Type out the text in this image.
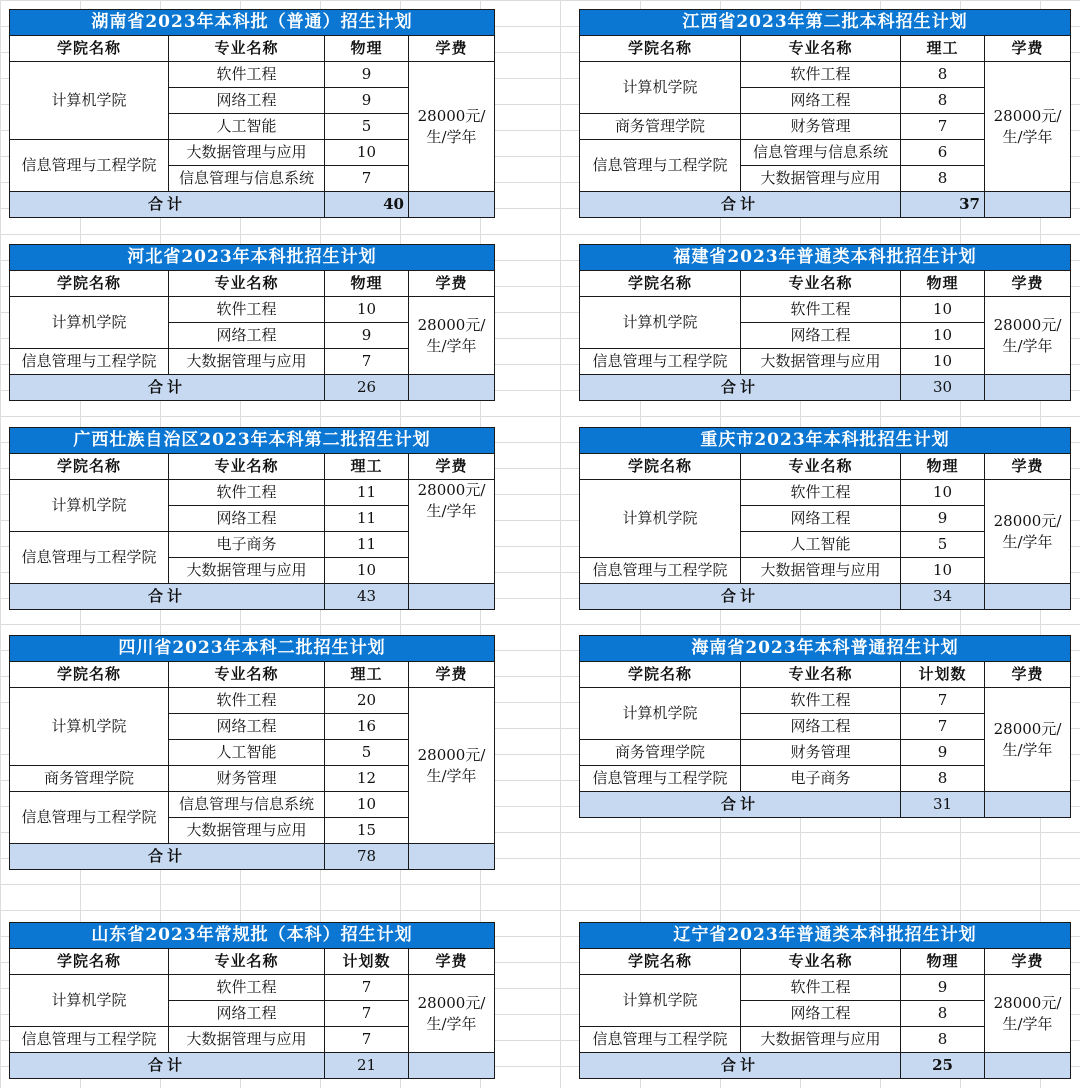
湖南省2023年本科批（普通）招生计划			
学院名称	专业名称	物理	学费
计算机学院	软件工程	9	28000元/
生/学年

	网络工程	9	
	人工智能	5	
信息管理与工程学院	大数据管理与应用	10	
	信息管理与信息系统	7	
合计		40	
江西省2023年第二批本科招生计划			
学院名称	专业名称	理工	学费
计算机学院	软件工程	8	28000元/
生/学年

	网络工程	8	
商务管理学院	财务管理	7	
信息管理与工程学院	信息管理与信息系统	6	
	大数据管理与应用	8	
合计		37	
河北省2023年本科批招生计划			
学院名称	专业名称	物理	学费
计算机学院	软件工程	10	28000元/
生/学年

	网络工程	9	
信息管理与工程学院	大数据管理与应用	7	
合计		26	
福建省2023年普通类本科批招生计划			
学院名称	专业名称	物理	学费
计算机学院	软件工程	10	28000元/
生/学年

	网络工程	10	
信息管理与工程学院	大数据管理与应用	10	
合计		30	
广西壮族自治区2023年本科第二批招生计划			
学院名称	专业名称	理工	学费
计算机学院	软件工程	11	28000元/
生/学年

	网络工程	11	
信息管理与工程学院	电子商务	11	
	大数据管理与应用	10	
合计		43	
重庆市2023年本科批招生计划			
学院名称	专业名称	物理	学费
计算机学院	软件工程	10	28000元/
生/学年

	网络工程	9	
	人工智能	5	
信息管理与工程学院	大数据管理与应用	10	
合计		34	
四川省2023年本科二批招生计划			
学院名称	专业名称	理工	学费
计算机学院	软件工程	20	28000元/
生/学年

	网络工程	16	
	人工智能	5	
商务管理学院	财务管理	12	
信息管理与工程学院	信息管理与信息系统	10	
	大数据管理与应用	15	
合计		78	
海南省2023年本科普通招生计划			
学院名称	专业名称	计划数	学费
计算机学院	软件工程	7	28000元/
生/学年

	网络工程	7	
商务管理学院	财务管理	9	
信息管理与工程学院	电子商务	8	
合计		31	
山东省2023年常规批（本科）招生计划			
学院名称	专业名称	计划数	学费
计算机学院	软件工程	7	28000元/
生/学年

	网络工程	7	
信息管理与工程学院	大数据管理与应用	7	
合计		21	
辽宁省2023年普通类本科批招生计划			
学院名称	专业名称	物理	学费
计算机学院	软件工程	9	28000元/
生/学年

	网络工程	8	
信息管理与工程学院	大数据管理与应用	8	
合计		25	
